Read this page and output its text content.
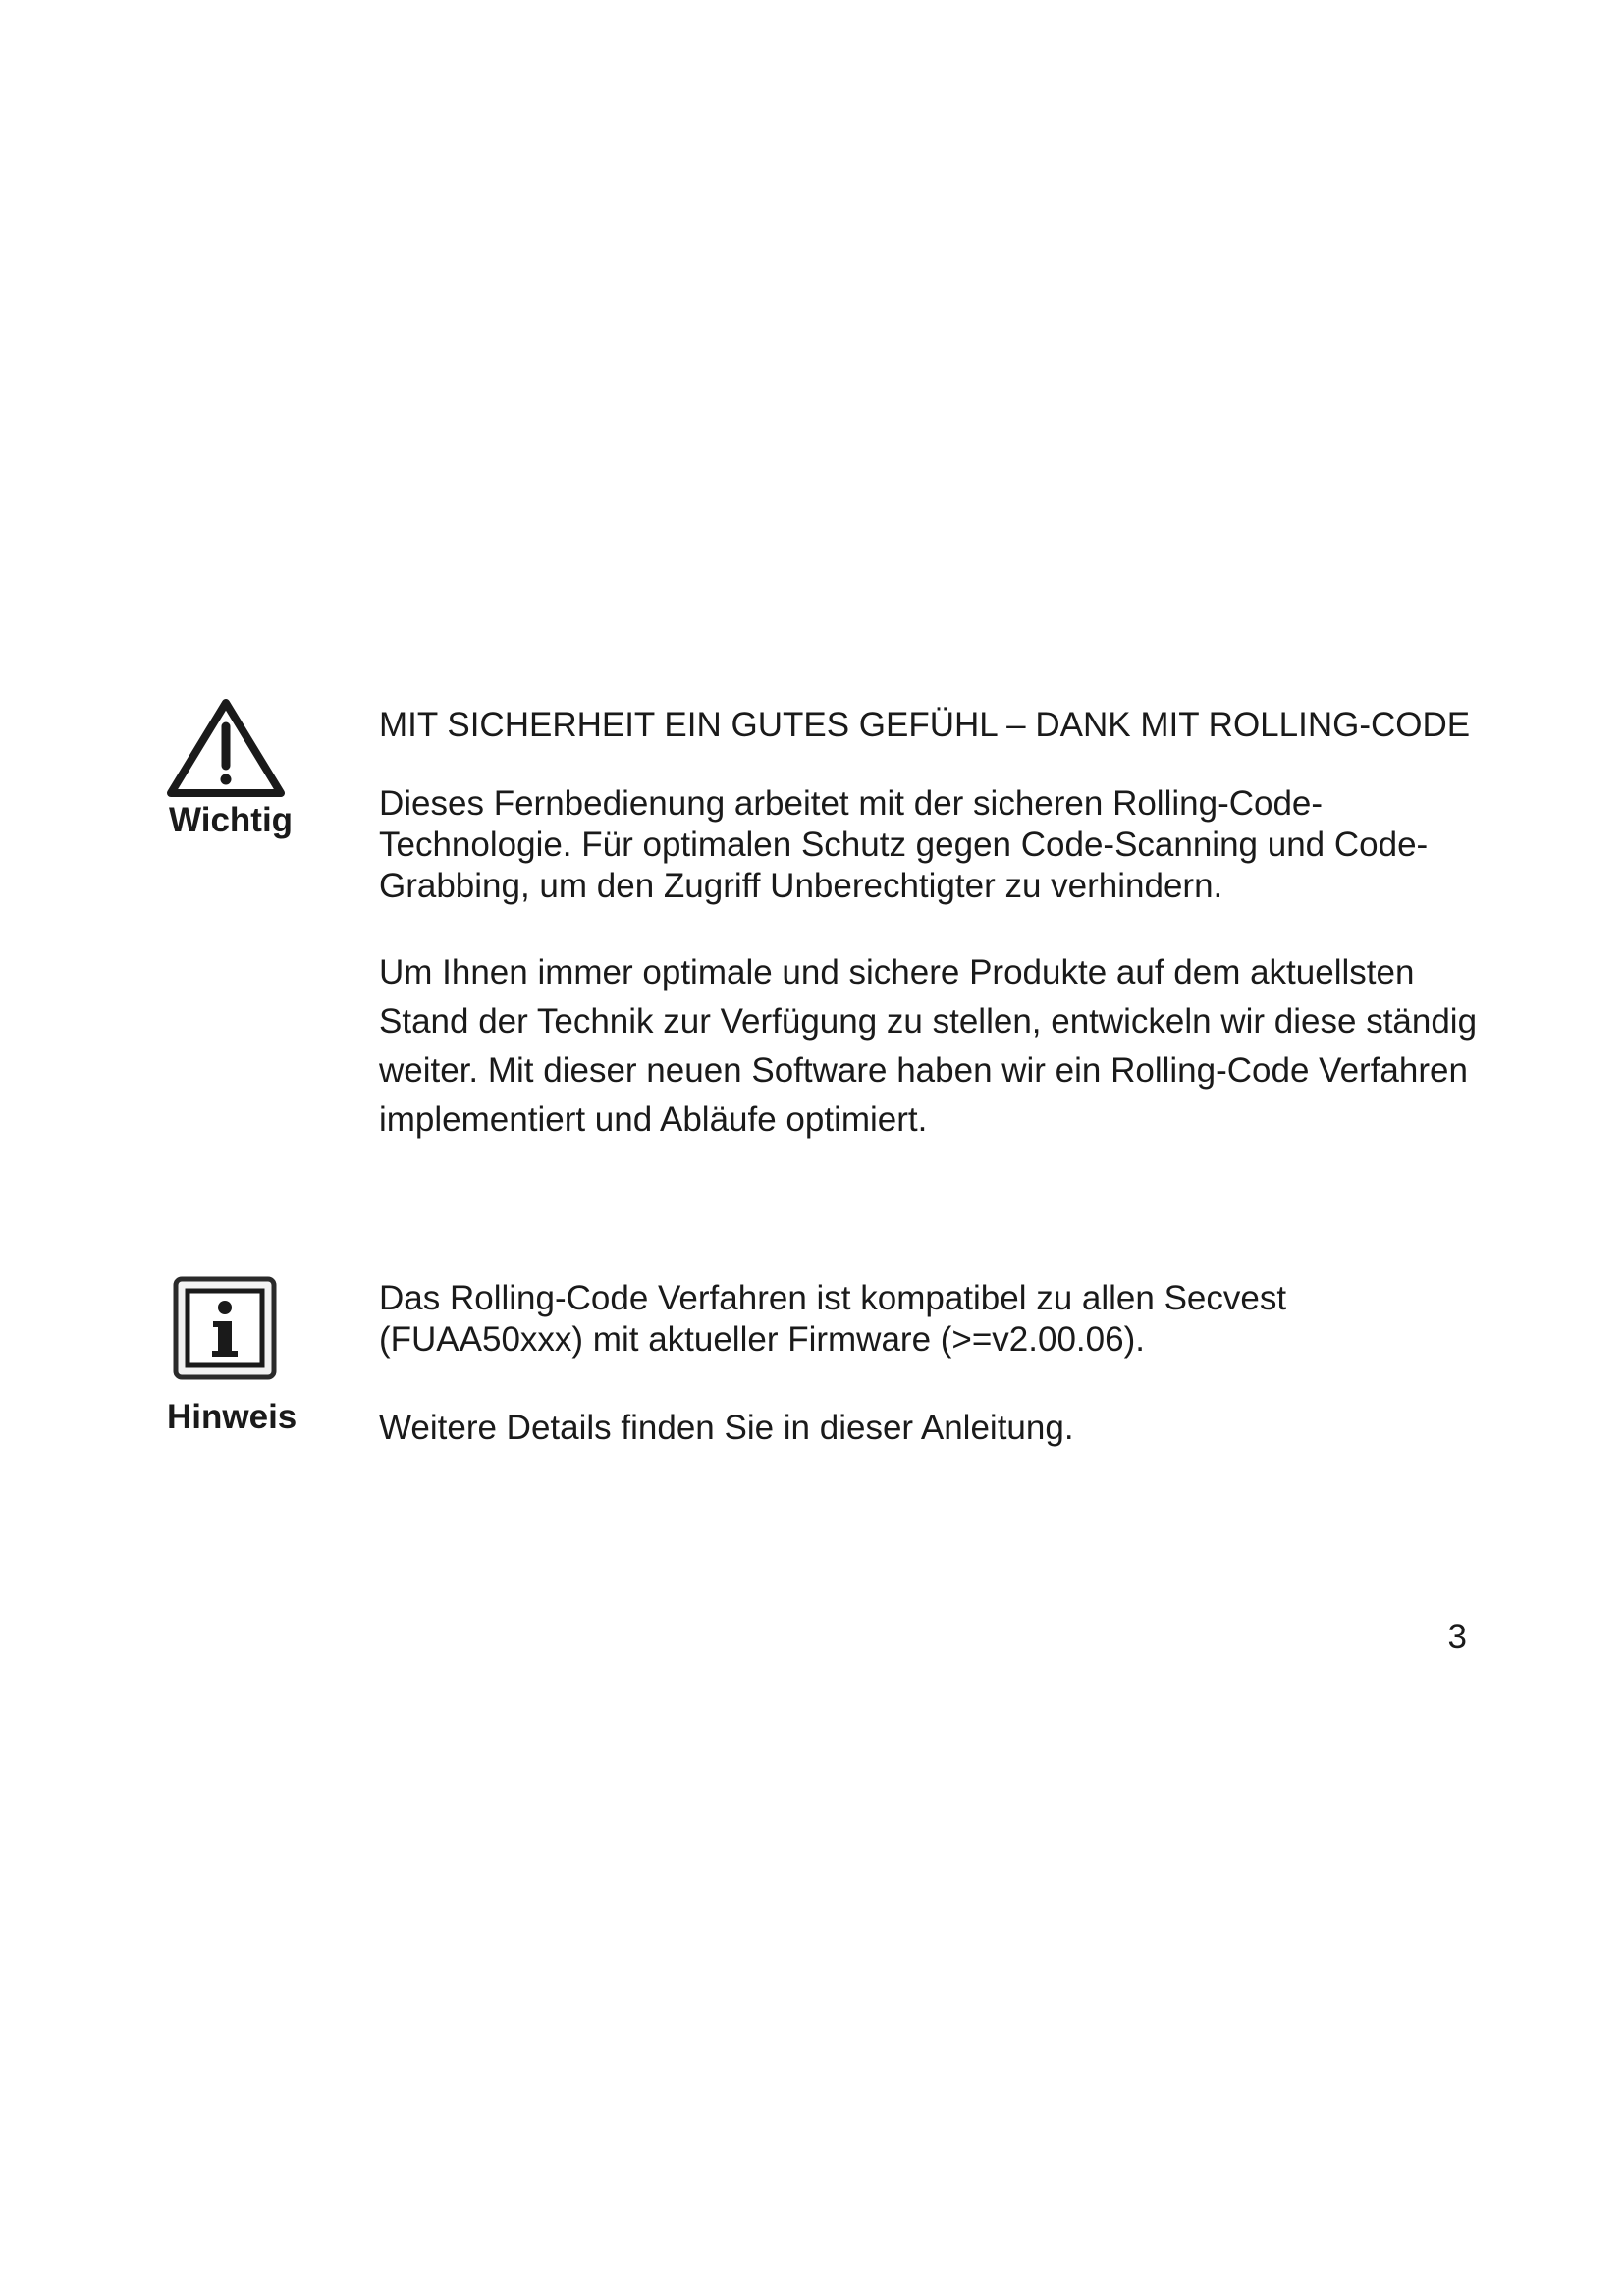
Wichtig

MIT SICHERHEIT EIN GUTES GEFÜHL – DANK MIT ROLLING-CODE

Dieses Fernbedienung arbeitet mit der sicheren Rolling-Code-Technologie. Für optimalen Schutz gegen Code-Scanning und Code-Grabbing, um den Zugriff Unberechtigter zu verhindern.

Um Ihnen immer optimale und sichere Produkte auf dem aktuellsten Stand der Technik zur Verfügung zu stellen, entwickeln wir diese ständig weiter. Mit dieser neuen Software haben wir ein Rolling-Code Verfahren implementiert und Abläufe optimiert.

Hinweis

Das Rolling-Code Verfahren ist kompatibel zu allen Secvest (FUAA50xxx) mit aktueller Firmware (>=v2.00.06).

Weitere Details finden Sie in dieser Anleitung.

3
